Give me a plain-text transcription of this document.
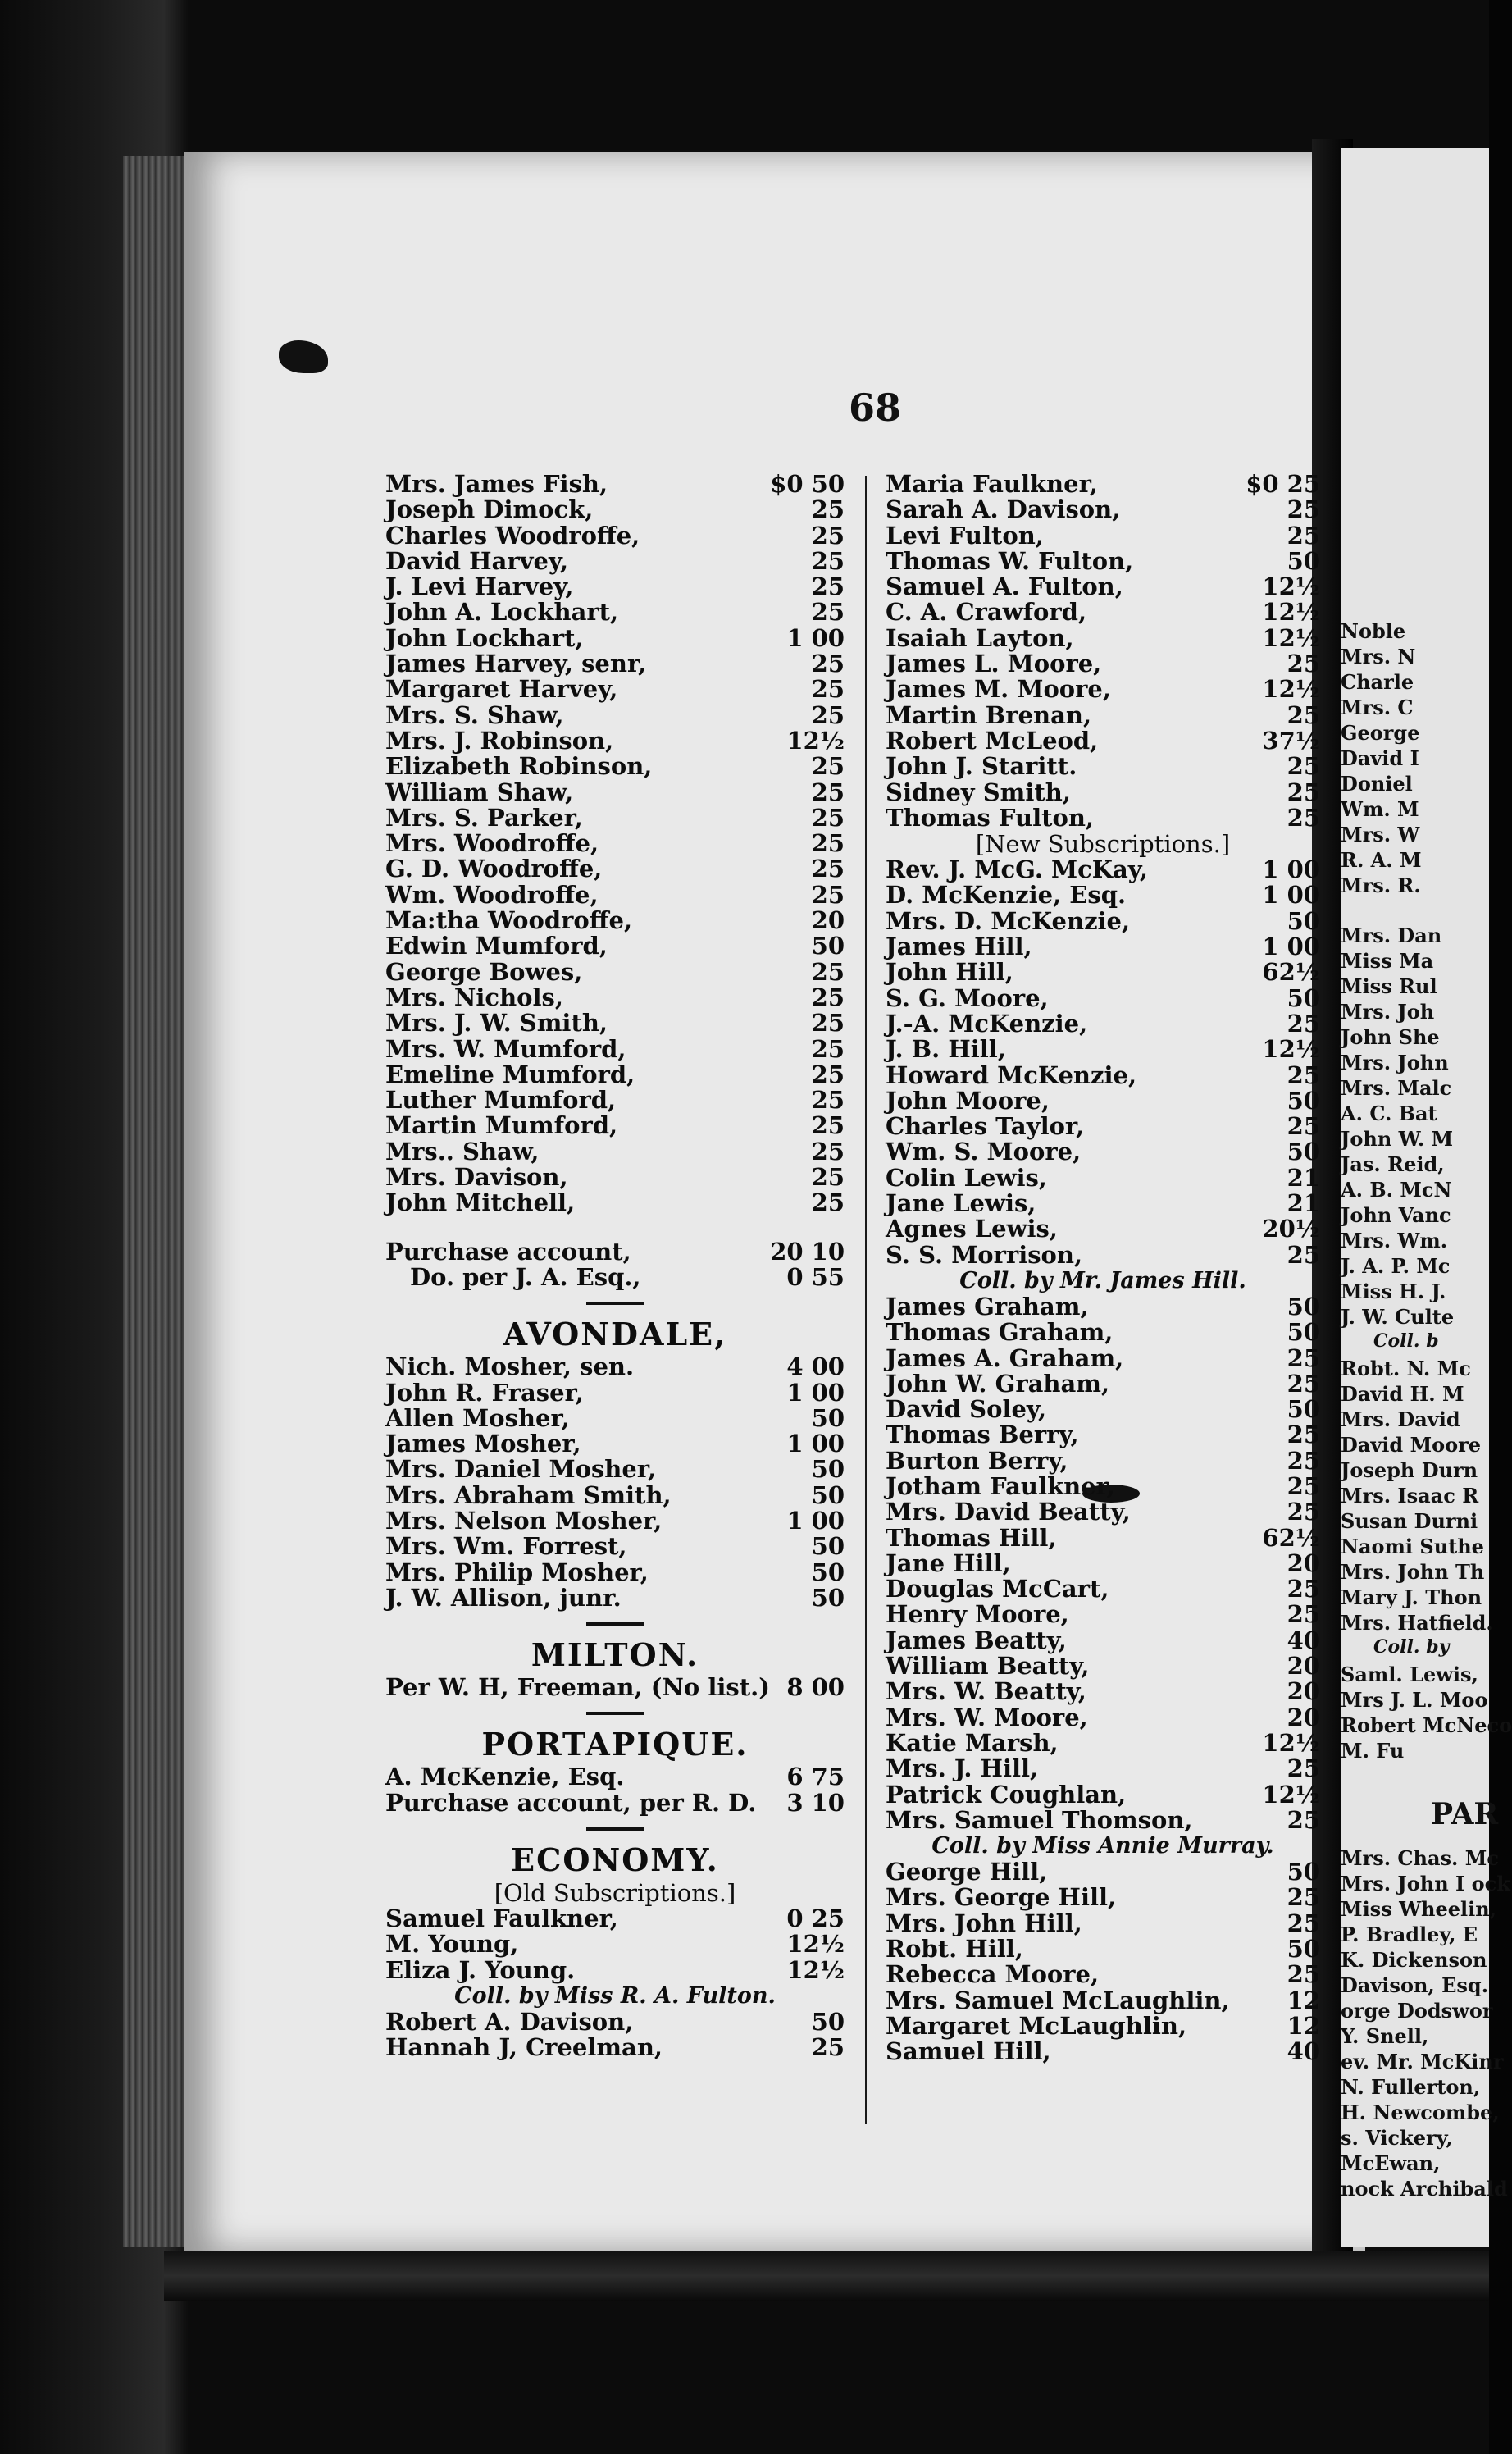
Noble
Mrs. N
Charle
Mrs. C
George
David I
Doniel
Wm. M
Mrs. W
R. A. M
Mrs. R.
Mrs. Dan
Miss Ma
Miss Rul
Mrs. Joh
John She
Mrs. John
Mrs. Malc
A. C. Bat
John W. M
Jas. Reid,
A. B. McN
John Vanc
Mrs. Wm.
J. A. P. Mc
Miss H. J.
J. W. Culte
Coll. b
Robt. N. Mc
David H. M
Mrs. David
David Moore
Joseph Durn
Mrs. Isaac R
Susan Durni
Naomi Suthe
Mrs. John Th
Mary J. Thon
Mrs. Hatfield.
Coll. by
Saml. Lewis,
Mrs J. L. Moo
Robert McNeco
M. Fu
PAR
Mrs. Chas. Mc
Mrs. John I ock
Miss Wheelin,
P. Bradley, E
K. Dickenson
Davison, Esq.
orge Dodswor
Y. Snell,
ev. Mr. McKinr
N. Fullerton,
H. Newcombe,
s. Vickery,
McEwan,
nock Archibald
68
Mrs. James Fish,	$0 50
Joseph Dimock,	25
Charles Woodroffe,	25
David Harvey,	25
J. Levi Harvey,	25
John A. Lockhart,	25
John Lockhart,	1 00
James Harvey, senr,	25
Margaret Harvey,	25
Mrs. S. Shaw,	25
Mrs. J. Robinson,	12½
Elizabeth Robinson,	25
William Shaw,	25
Mrs. S. Parker,	25
Mrs. Woodroffe,	25
G. D. Woodroffe,	25
Wm. Woodroffe,	25
Ma:tha Woodroffe,	20
Edwin Mumford,	50
George Bowes,	25
Mrs. Nichols,	25
Mrs. J. W. Smith,	25
Mrs. W. Mumford,	25
Emeline Mumford,	25
Luther Mumford,	25
Martin Mumford,	25
Mrs.. Shaw,	25
Mrs. Davison,	25
John Mitchell,	25
Purchase account,	20 10
Do. per J. A. Esq.,	0 55
AVONDALE,
Nich. Mosher, sen.	4 00
John R. Fraser,	1 00
Allen Mosher,	50
James Mosher,	1 00
Mrs. Daniel Mosher,	50
Mrs. Abraham Smith,	50
Mrs. Nelson Mosher,	1 00
Mrs. Wm. Forrest,	50
Mrs. Philip Mosher,	50
J. W. Allison, junr.	50
MILTON.
Per W. H, Freeman, (No list.) 8 00
PORTAPIQUE.
A. McKenzie, Esq.	6 75
Purchase account, per R. D. 3 10
ECONOMY.
[Old Subscriptions.]
Samuel Faulkner,	0 25
M. Young,	12½
Eliza J. Young.	12½
Coll. by Miss R. A. Fulton.
Robert A. Davison,	50
Hannah J, Creelman,	25
Maria Faulkner,	$0 25
Sarah A. Davison,	25
Levi Fulton,	25
Thomas W. Fulton,	50
Samuel A. Fulton,	12½
C. A. Crawford,	12½
Isaiah Layton,	12½
James L. Moore,	25
James M. Moore,	12½
Martin Brenan,	25
Robert McLeod,	37½
John J. Staritt.	25
Sidney Smith,	25
Thomas Fulton,	25
[New Subscriptions.]
Rev. J. McG. McKay,	1 00
D. McKenzie, Esq.	1 00
Mrs. D. McKenzie,	50
James Hill,	1 00
John Hill,	62½
S. G. Moore,	50
J.-A. McKenzie,	25
J. B. Hill,	12½
Howard McKenzie,	25
John Moore,	50
Charles Taylor,	25
Wm. S. Moore,	50
Colin Lewis,	21
Jane Lewis,	21
Agnes Lewis,	20½
S. S. Morrison,	25
Coll. by Mr. James Hill.
James Graham,	50
Thomas Graham,	50
James A. Graham,	25
John W. Graham,	25
David Soley,	50
Thomas Berry,	25
Burton Berry,	25
Jotham Faulkner,	25
Mrs. David Beatty,	25
Thomas Hill,	62½
Jane Hill,	20
Douglas McCart,	25
Henry Moore,	25
James Beatty,	40
William Beatty,	20
Mrs. W. Beatty,	20
Mrs. W. Moore,	20
Katie Marsh,	12½
Mrs. J. Hill,	25
Patrick Coughlan,	12½
Mrs. Samuel Thomson,	25
Coll. by Miss Annie Murray.
George Hill,	50
Mrs. George Hill,	25
Mrs. John Hill,	25
Robt. Hill,	50
Rebecca Moore,	25
Mrs. Samuel McLaughlin, 12
Margaret McLaughlin,	12
Samuel Hill,	40
